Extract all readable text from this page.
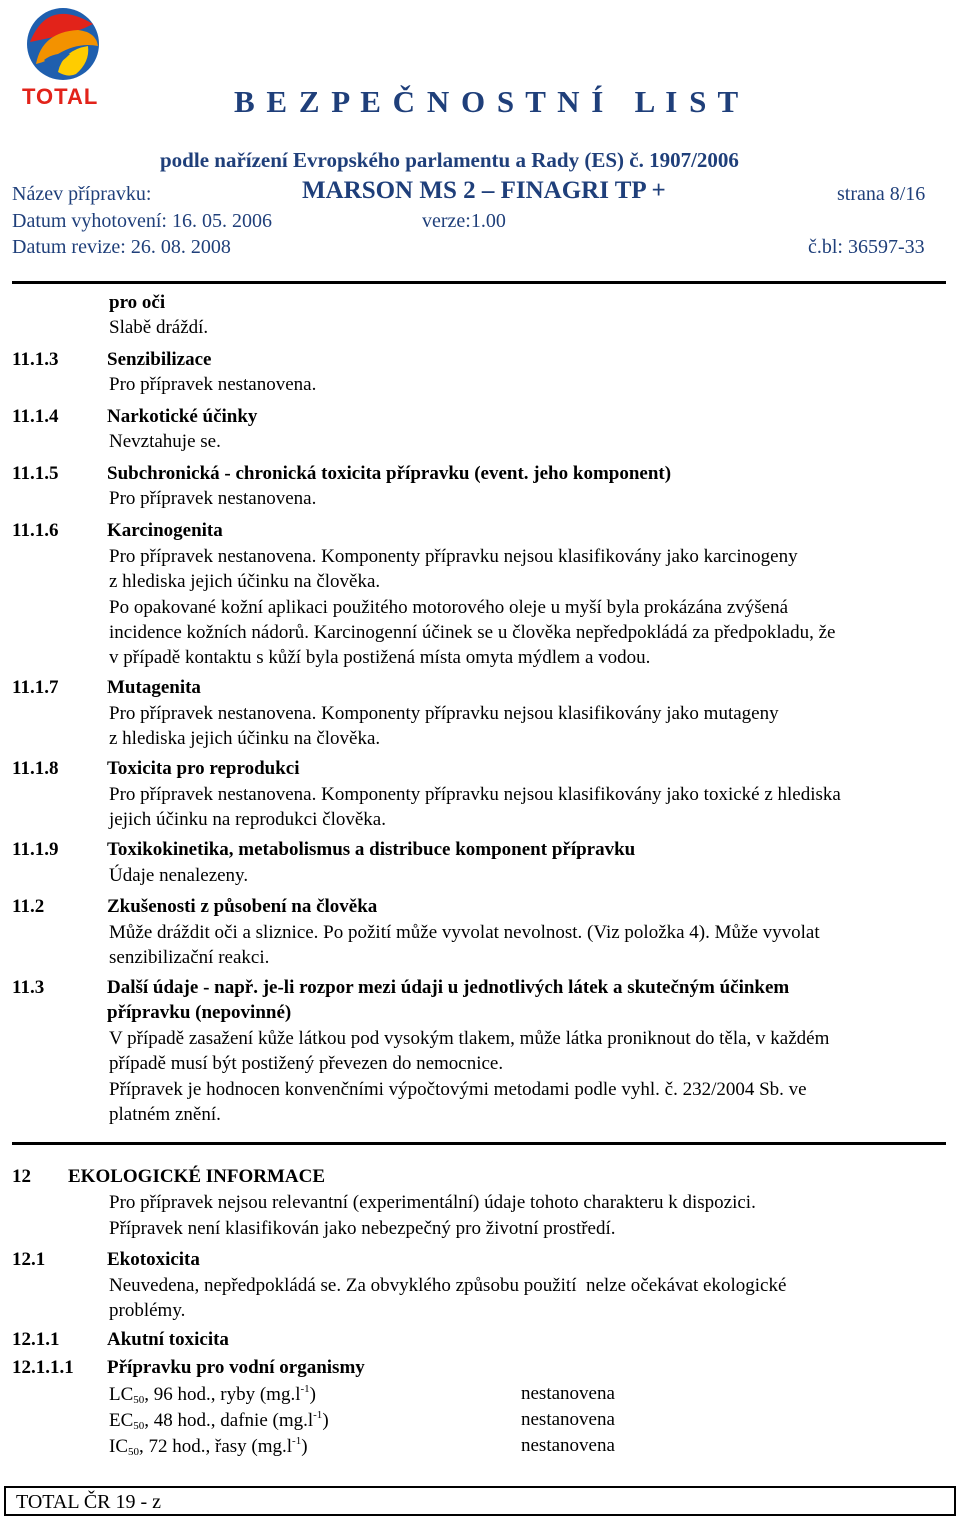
TOTAL	B E Z P E Č N O S T N Í   L I S T
podle nařízení Evropského parlamentu a Rady (ES) č. 1907/2006
Název přípravku:	MARSON MS 2 – FINAGRI TP +	strana 8/16
Datum vyhotovení: 16. 05. 2006	verze:1.00
Datum revize: 26. 08. 2008	č.bl: 36597-33
pro oči
Slabě dráždí.
11.1.3	Senzibilizace
Pro přípravek nestanovena.
11.1.4	Narkotické účinky
Nevztahuje se.
11.1.5	Subchronická - chronická toxicita přípravku (event. jeho komponent)
Pro přípravek nestanovena.
11.1.6	Karcinogenita
Pro přípravek nestanovena. Komponenty přípravku nejsou klasifikovány jako karcinogeny
z hlediska jejich účinku na člověka.
Po opakované kožní aplikaci použitého motorového oleje u myší byla prokázána zvýšená
incidence kožních nádorů. Karcinogenní účinek se u člověka nepředpokládá za předpokladu, že
v případě kontaktu s kůží byla postižená místa omyta mýdlem a vodou.
11.1.7	Mutagenita
Pro přípravek nestanovena. Komponenty přípravku nejsou klasifikovány jako mutageny
z hlediska jejich účinku na člověka.
11.1.8	Toxicita pro reprodukci
Pro přípravek nestanovena. Komponenty přípravku nejsou klasifikovány jako toxické z hlediska
jejich účinku na reprodukci člověka.
11.1.9	Toxikokinetika, metabolismus a distribuce komponent přípravku
Údaje nenalezeny.
11.2	Zkušenosti z působení na člověka
Může dráždit oči a sliznice. Po požití může vyvolat nevolnost. (Viz položka 4). Může vyvolat
senzibilizační reakci.
11.3	Další údaje - např. je-li rozpor mezi údaji u jednotlivých látek a skutečným účinkem
přípravku (nepovinné)
V případě zasažení kůže látkou pod vysokým tlakem, může látka proniknout do těla, v každém
případě musí být postižený převezen do nemocnice.
Přípravek je hodnocen konvenčními výpočtovými metodami podle vyhl. č. 232/2004 Sb. ve
platném znění.
12 EKOLOGICKÉ INFORMACE
Pro přípravek nejsou relevantní (experimentální) údaje tohoto charakteru k dispozici.
Přípravek není klasifikován jako nebezpečný pro životní prostředí.
12.1	Ekotoxicita
Neuvedena, nepředpokládá se. Za obvyklého způsobu použití  nelze očekávat ekologické
problémy.
12.1.1	Akutní toxicita
12.1.1.1 Přípravku pro vodní organismy
$LC_{50}$, 96 hod., ryby $(mg.l^{-1})$	nestanovena
$EC_{50}$, 48 hod., dafnie $(mg.l^{-1})$	nestanovena
$IC_{50}$, 72 hod., řasy $(mg.l^{-1})$	nestanovena
TOTAL ČR 19 - z
